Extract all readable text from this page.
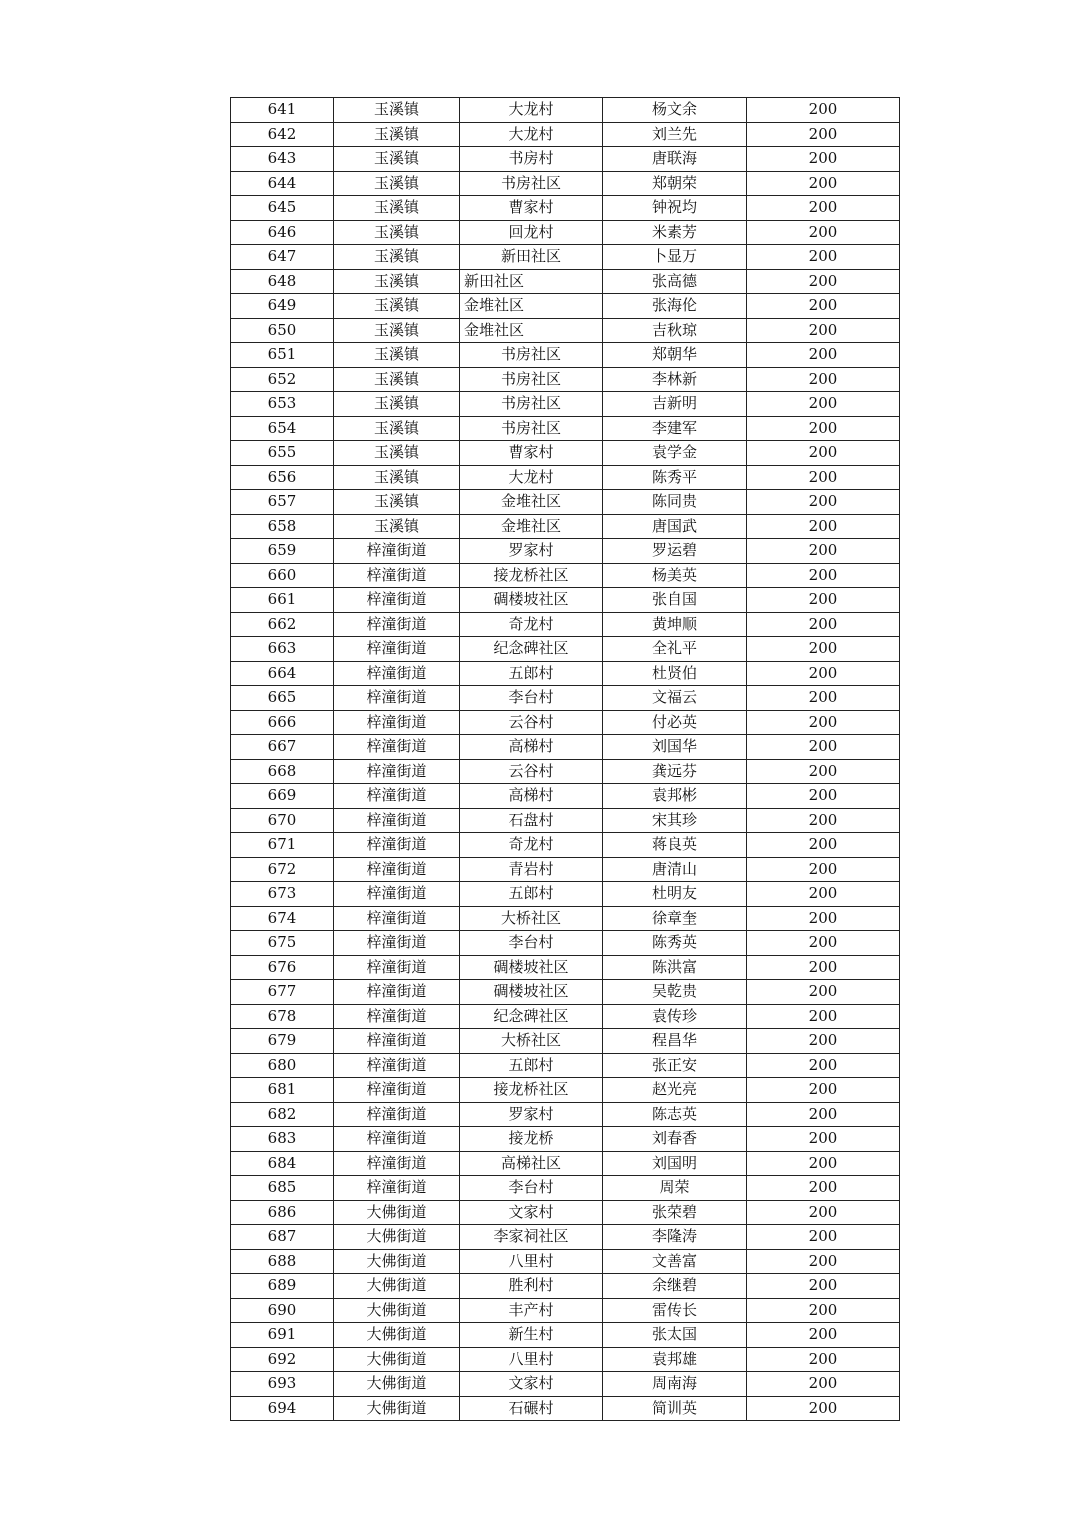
641	玉溪镇	大龙村	杨文余	200
642	玉溪镇	大龙村	刘兰先	200
643	玉溪镇	书房村	唐联海	200
644	玉溪镇	书房社区	郑朝荣	200
645	玉溪镇	曹家村	钟祝均	200
646	玉溪镇	回龙村	米素芳	200
647	玉溪镇	新田社区	卜显万	200
648	玉溪镇	新田社区	张高德	200
649	玉溪镇	金堆社区	张海伦	200
650	玉溪镇	金堆社区	吉秋琼	200
651	玉溪镇	书房社区	郑朝华	200
652	玉溪镇	书房社区	李林新	200
653	玉溪镇	书房社区	吉新明	200
654	玉溪镇	书房社区	李建军	200
655	玉溪镇	曹家村	袁学金	200
656	玉溪镇	大龙村	陈秀平	200
657	玉溪镇	金堆社区	陈同贵	200
658	玉溪镇	金堆社区	唐国武	200
659	梓潼街道	罗家村	罗运碧	200
660	梓潼街道	接龙桥社区	杨美英	200
661	梓潼街道	碉楼坡社区	张自国	200
662	梓潼街道	奇龙村	黄坤顺	200
663	梓潼街道	纪念碑社区	全礼平	200
664	梓潼街道	五郎村	杜贤伯	200
665	梓潼街道	李台村	文福云	200
666	梓潼街道	云谷村	付必英	200
667	梓潼街道	高梯村	刘国华	200
668	梓潼街道	云谷村	龚远芬	200
669	梓潼街道	高梯村	袁邦彬	200
670	梓潼街道	石盘村	宋其珍	200
671	梓潼街道	奇龙村	蒋良英	200
672	梓潼街道	青岩村	唐清山	200
673	梓潼街道	五郎村	杜明友	200
674	梓潼街道	大桥社区	徐章奎	200
675	梓潼街道	李台村	陈秀英	200
676	梓潼街道	碉楼坡社区	陈洪富	200
677	梓潼街道	碉楼坡社区	吴乾贵	200
678	梓潼街道	纪念碑社区	袁传珍	200
679	梓潼街道	大桥社区	程昌华	200
680	梓潼街道	五郎村	张正安	200
681	梓潼街道	接龙桥社区	赵光亮	200
682	梓潼街道	罗家村	陈志英	200
683	梓潼街道	接龙桥	刘春香	200
684	梓潼街道	高梯社区	刘国明	200
685	梓潼街道	李台村	周荣	200
686	大佛街道	文家村	张荣碧	200
687	大佛街道	李家祠社区	李隆涛	200
688	大佛街道	八里村	文善富	200
689	大佛街道	胜利村	余继碧	200
690	大佛街道	丰产村	雷传长	200
691	大佛街道	新生村	张太国	200
692	大佛街道	八里村	袁邦雄	200
693	大佛街道	文家村	周南海	200
694	大佛街道	石碾村	简训英	200
